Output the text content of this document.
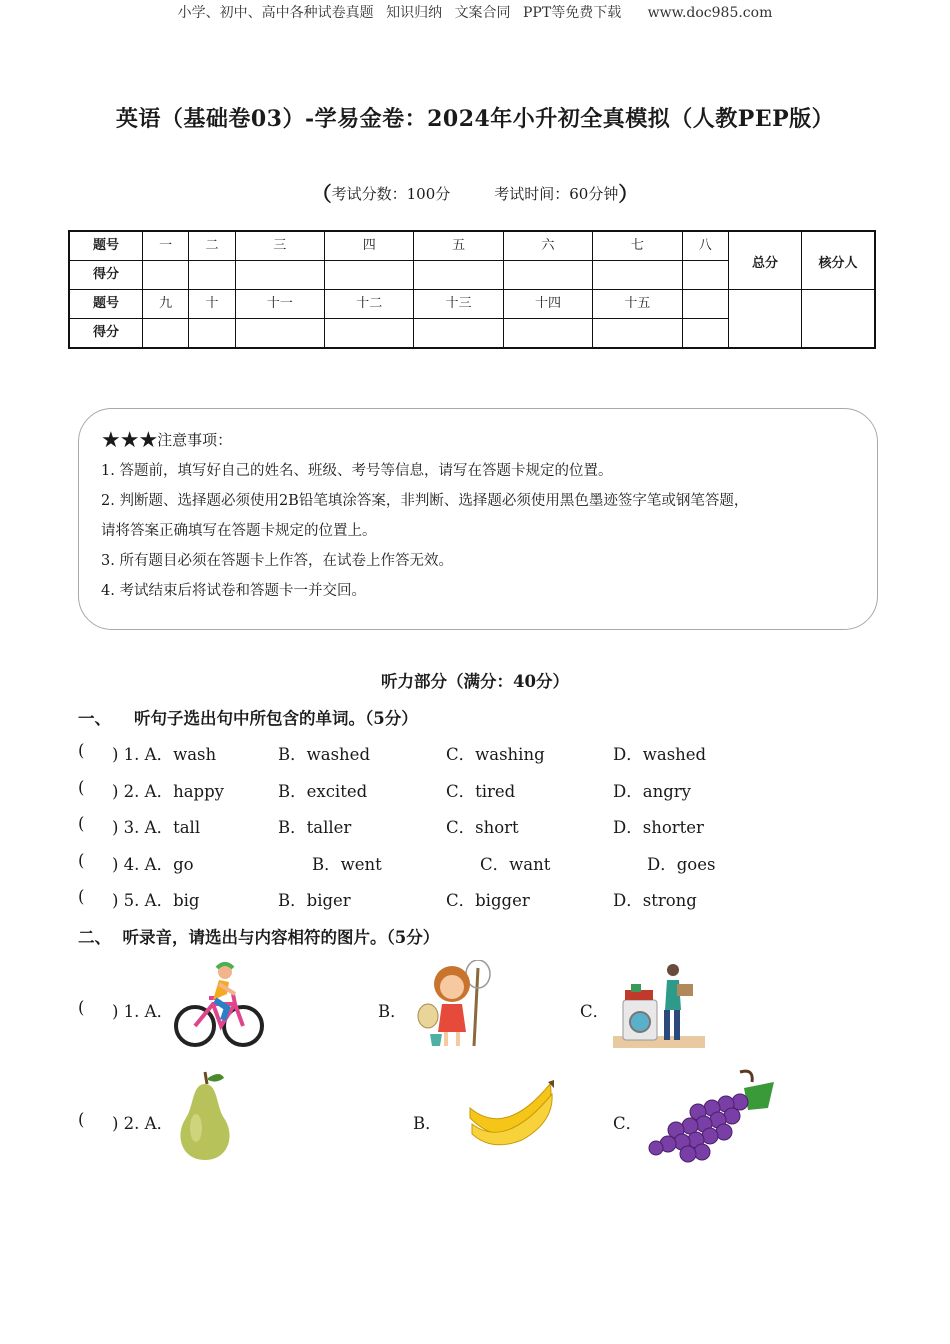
小学、初中、高中各种试卷真题 知识归纳 文案合同 PPT等免费下载 www.doc985.com
英语（基础卷03）-学易金卷：2024年小升初全真模拟（人教PEP版）
（考试分数：100分	考试时间：60分钟）
题号	一	二	三	四	五	六	七	八	总分	核分人
得分										
题号	九	十	十一	十二	十三	十四	十五			
得分										

★★★注意事项：

1. 答题前，填写好自己的姓名、班级、考号等信息，请写在答题卡规定的位置。

2. 判断题、选择题必须使用2B铅笔填涂答案，非判断、选择题必须使用黑色墨迹签字笔或钢笔答题，

请将答案正确填写在答题卡规定的位置上。

3. 所有题目必须在答题卡上作答，在试卷上作答无效。

4. 考试结束后将试卷和答题卡一并交回。

听力部分（满分：40分）
一、    听句子选出句中所包含的单词。（5分）
( ) 1. A．wash	B．washed	C．washing	D．washed
( ) 2. A．happy	B．excited	C．tired	D．angry
( ) 3. A．tall	B．taller	C．short	D．shorter
( ) 4. A．go	B．went	C．want	D．goes
( ) 5. A．big	B．biger	C．bigger	D．strong
二、  听录音，请选出与内容相符的图片。（5分）
( ) 1. A．	B．	C．
( ) 2. A．	B．	C．
